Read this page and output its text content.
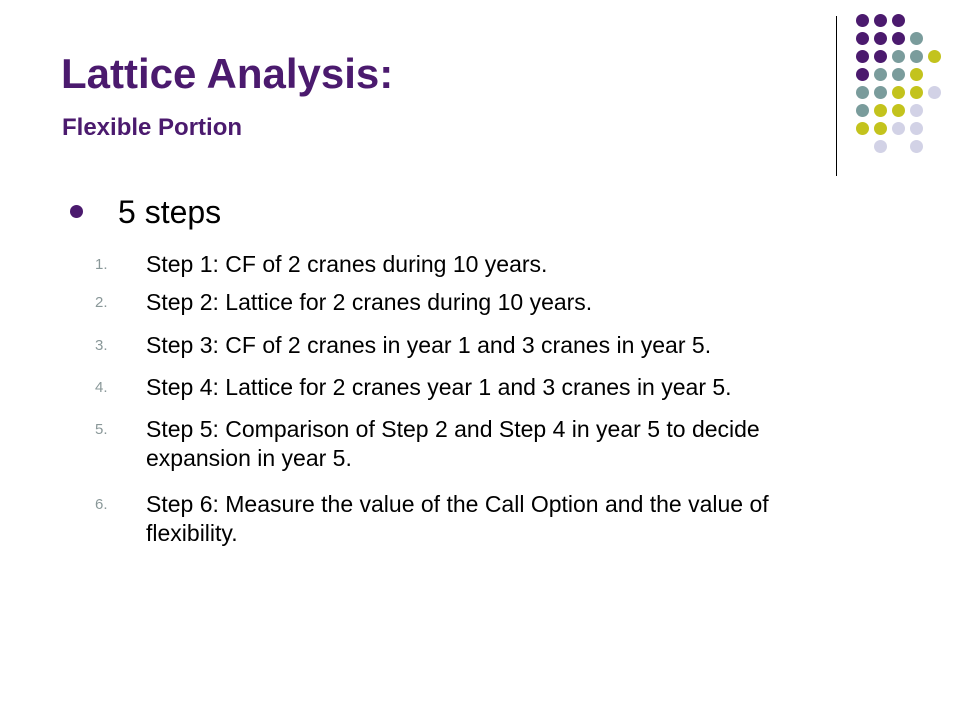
Lattice Analysis:
Flexible Portion
5 steps
1. Step 1: CF of 2 cranes during 10 years.
2. Step 2: Lattice for 2 cranes during 10 years.
3. Step 3: CF of 2 cranes in year 1 and 3 cranes in year 5.
4. Step 4: Lattice for 2 cranes year 1 and 3 cranes in year 5.
5. Step 5: Comparison of Step 2 and Step 4 in year 5 to decide expansion in year 5.
6. Step 6: Measure the value of the Call Option and the value of flexibility.
